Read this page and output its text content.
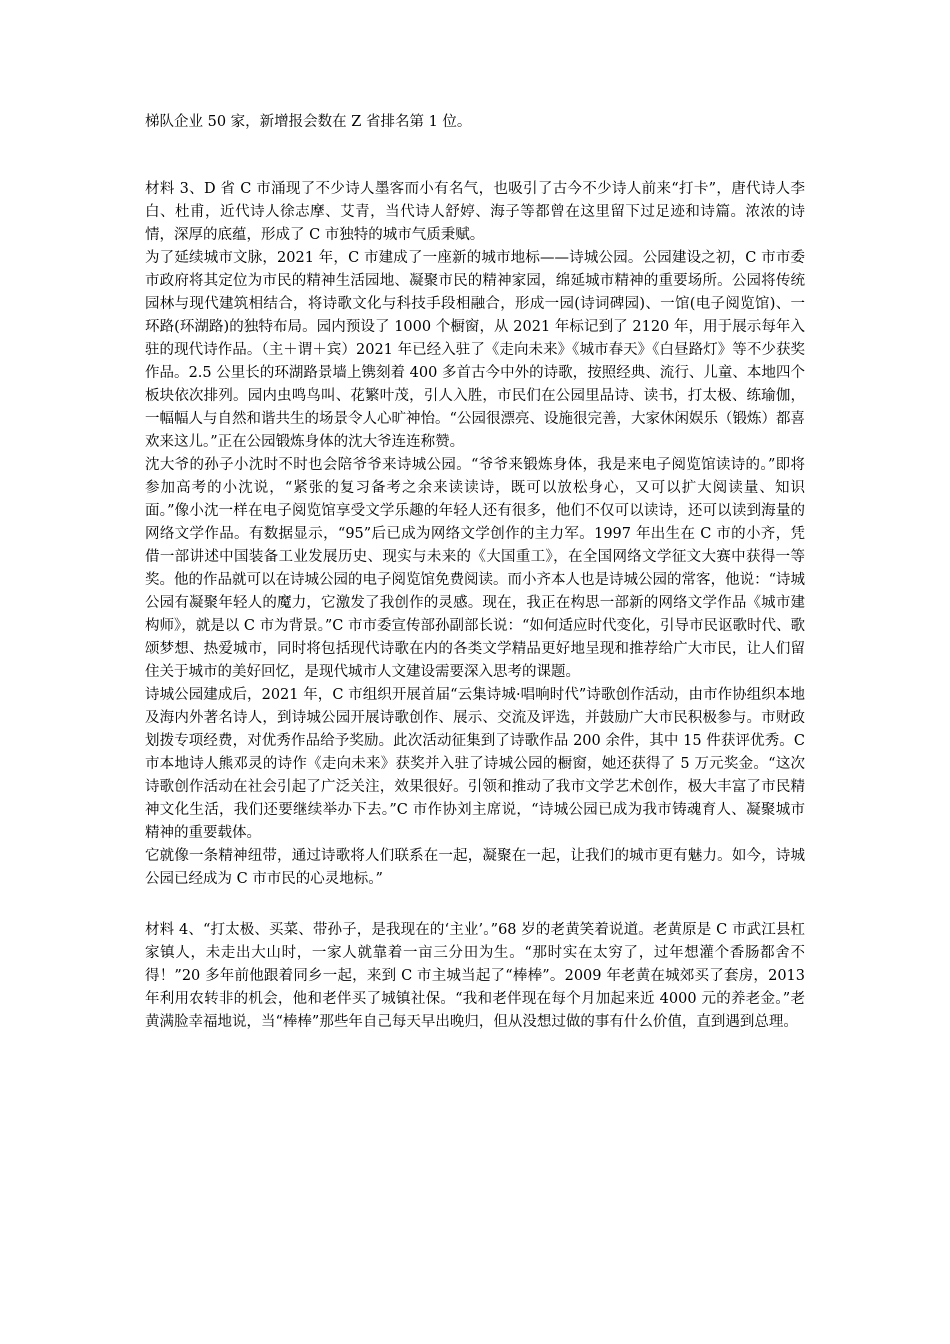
梯队企业 50 家，新增报会数在 Z 省排名第 1 位。

材料 3、D 省 C 市涌现了不少诗人墨客而小有名气，也吸引了古今不少诗人前来“打卡”，唐代诗人李白、杜甫，近代诗人徐志摩、艾青，当代诗人舒婷、海子等都曾在这里留下过足迹和诗篇。浓浓的诗情，深厚的底蕴，形成了 C 市独特的城市气质秉赋。

为了延续城市文脉，2021 年，C 市建成了一座新的城市地标——诗城公园。公园建设之初，C 市市委市政府将其定位为市民的精神生活园地、凝聚市民的精神家园，绵延城市精神的重要场所。公园将传统园林与现代建筑相结合，将诗歌文化与科技手段相融合，形成一园(诗词碑园)、一馆(电子阅览馆)、一环路(环湖路)的独特布局。园内预设了 1000 个橱窗，从 2021 年标记到了 2120 年，用于展示每年入驻的现代诗作品。（主＋谓＋宾）2021 年已经入驻了《走向未来》《城市春天》《白昼路灯》等不少获奖作品。2.5 公里长的环湖路景墙上镌刻着 400 多首古今中外的诗歌，按照经典、流行、儿童、本地四个板块依次排列。园内虫鸣鸟叫、花繁叶茂，引人入胜，市民们在公园里品诗、读书，打太极、练瑜伽，一幅幅人与自然和谐共生的场景令人心旷神怡。“公园很漂亮、设施很完善，大家休闲娱乐（锻炼）都喜欢来这儿。”正在公园锻炼身体的沈大爷连连称赞。

沈大爷的孙子小沈时不时也会陪爷爷来诗城公园。“爷爷来锻炼身体，我是来电子阅览馆读诗的。”即将参加高考的小沈说，“紧张的复习备考之余来读读诗，既可以放松身心，又可以扩大阅读量、知识面。”像小沈一样在电子阅览馆享受文学乐趣的年轻人还有很多，他们不仅可以读诗，还可以读到海量的网络文学作品。有数据显示，“95”后已成为网络文学创作的主力军。1997 年出生在 C 市的小齐，凭借一部讲述中国装备工业发展历史、现实与未来的《大国重工》，在全国网络文学征文大赛中获得一等奖。他的作品就可以在诗城公园的电子阅览馆免费阅读。而小齐本人也是诗城公园的常客，他说：“诗城公园有凝聚年轻人的魔力，它激发了我创作的灵感。现在，我正在构思一部新的网络文学作品《城市建构师》，就是以 C 市为背景。”C 市市委宣传部孙副部长说：“如何适应时代变化，引导市民讴歌时代、歌颂梦想、热爱城市，同时将包括现代诗歌在内的各类文学精品更好地呈现和推荐给广大市民，让人们留住关于城市的美好回忆，是现代城市人文建设需要深入思考的课题。

诗城公园建成后，2021 年，C 市组织开展首届“云集诗城·唱响时代”诗歌创作活动，由市作协组织本地及海内外著名诗人，到诗城公园开展诗歌创作、展示、交流及评选，并鼓励广大市民积极参与。市财政划拨专项经费，对优秀作品给予奖励。此次活动征集到了诗歌作品 200 余件，其中 15 件获评优秀。C 市本地诗人熊邓灵的诗作《走向未来》获奖并入驻了诗城公园的橱窗，她还获得了 5 万元奖金。“这次诗歌创作活动在社会引起了广泛关注，效果很好。引领和推动了我市文学艺术创作，极大丰富了市民精神文化生活，我们还要继续举办下去。”C 市作协刘主席说，“诗城公园已成为我市铸魂育人、凝聚城市精神的重要载体。

它就像一条精神纽带，通过诗歌将人们联系在一起，凝聚在一起，让我们的城市更有魅力。如今，诗城公园已经成为 C 市市民的心灵地标。”

材料 4、“打太极、买菜、带孙子，是我现在的‘主业’。”68 岁的老黄笑着说道。老黄原是 C 市武江县杠家镇人，未走出大山时，一家人就靠着一亩三分田为生。“那时实在太穷了，过年想灌个香肠都舍不得！”20 多年前他跟着同乡一起，来到 C 市主城当起了“棒棒”。2009 年老黄在城郊买了套房，2013 年利用农转非的机会，他和老伴买了城镇社保。“我和老伴现在每个月加起来近 4000 元的养老金。”老黄满脸幸福地说，当“棒棒”那些年自己每天早出晚归，但从没想过做的事有什么价值，直到遇到总理。
